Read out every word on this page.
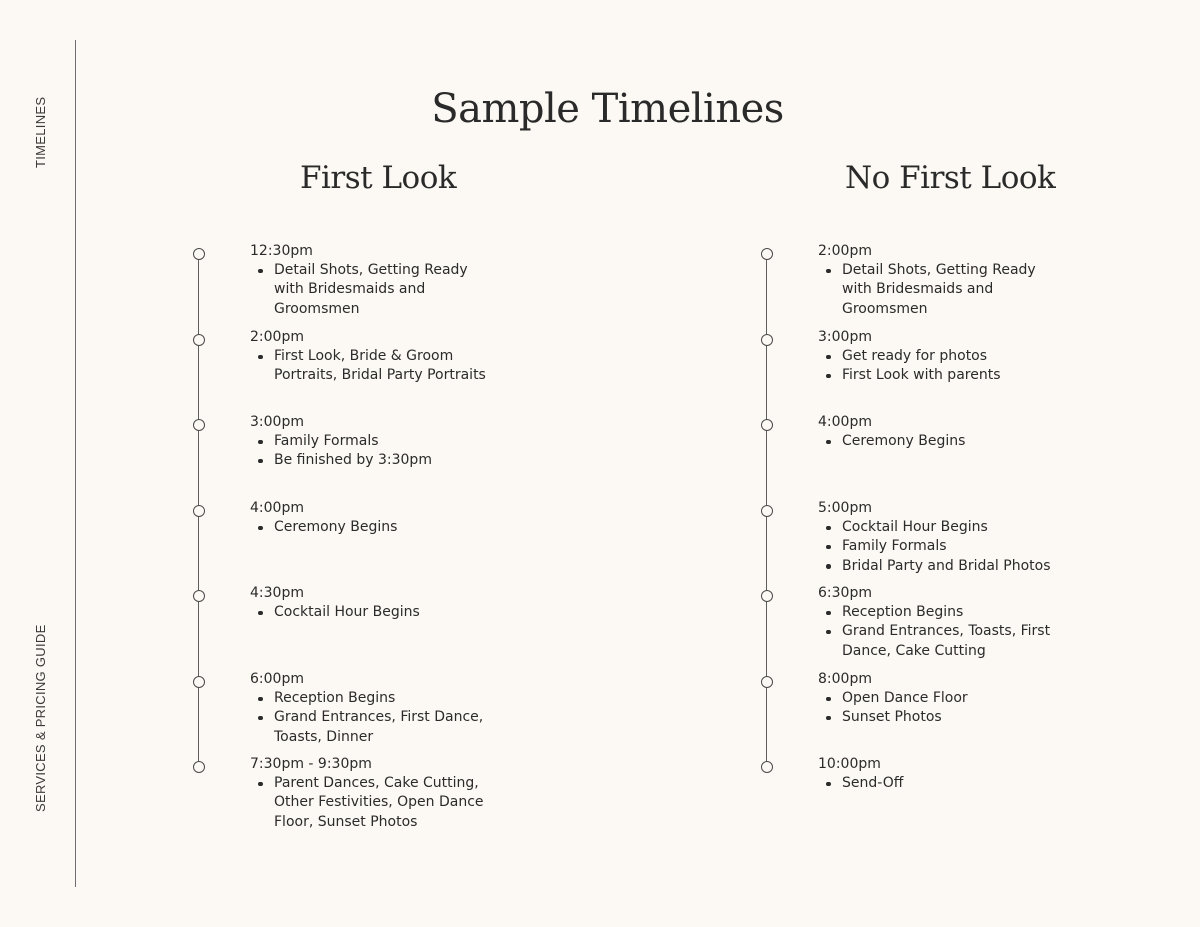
TIMELINES
SERVICES & PRICING GUIDE
Sample Timelines
First Look	No First Look
12:30pm
Detail Shots, Getting Ready with Bridesmaids and Groomsmen
2:00pm
First Look, Bride & Groom Portraits, Bridal Party Portraits
3:00pm
Family Formals
Be finished by 3:30pm
4:00pm
Ceremony Begins
4:30pm
Cocktail Hour Begins
6:00pm
Reception Begins
Grand Entrances, First Dance, Toasts, Dinner
7:30pm - 9:30pm
Parent Dances, Cake Cutting, Other Festivities, Open Dance Floor, Sunset Photos
2:00pm
Detail Shots, Getting Ready with Bridesmaids and Groomsmen
3:00pm
Get ready for photos
First Look with parents
4:00pm
Ceremony Begins
5:00pm
Cocktail Hour Begins
Family Formals
Bridal Party and Bridal Photos
6:30pm
Reception Begins
Grand Entrances, Toasts, First Dance, Cake Cutting
8:00pm
Open Dance Floor
Sunset Photos
10:00pm
Send-Off
